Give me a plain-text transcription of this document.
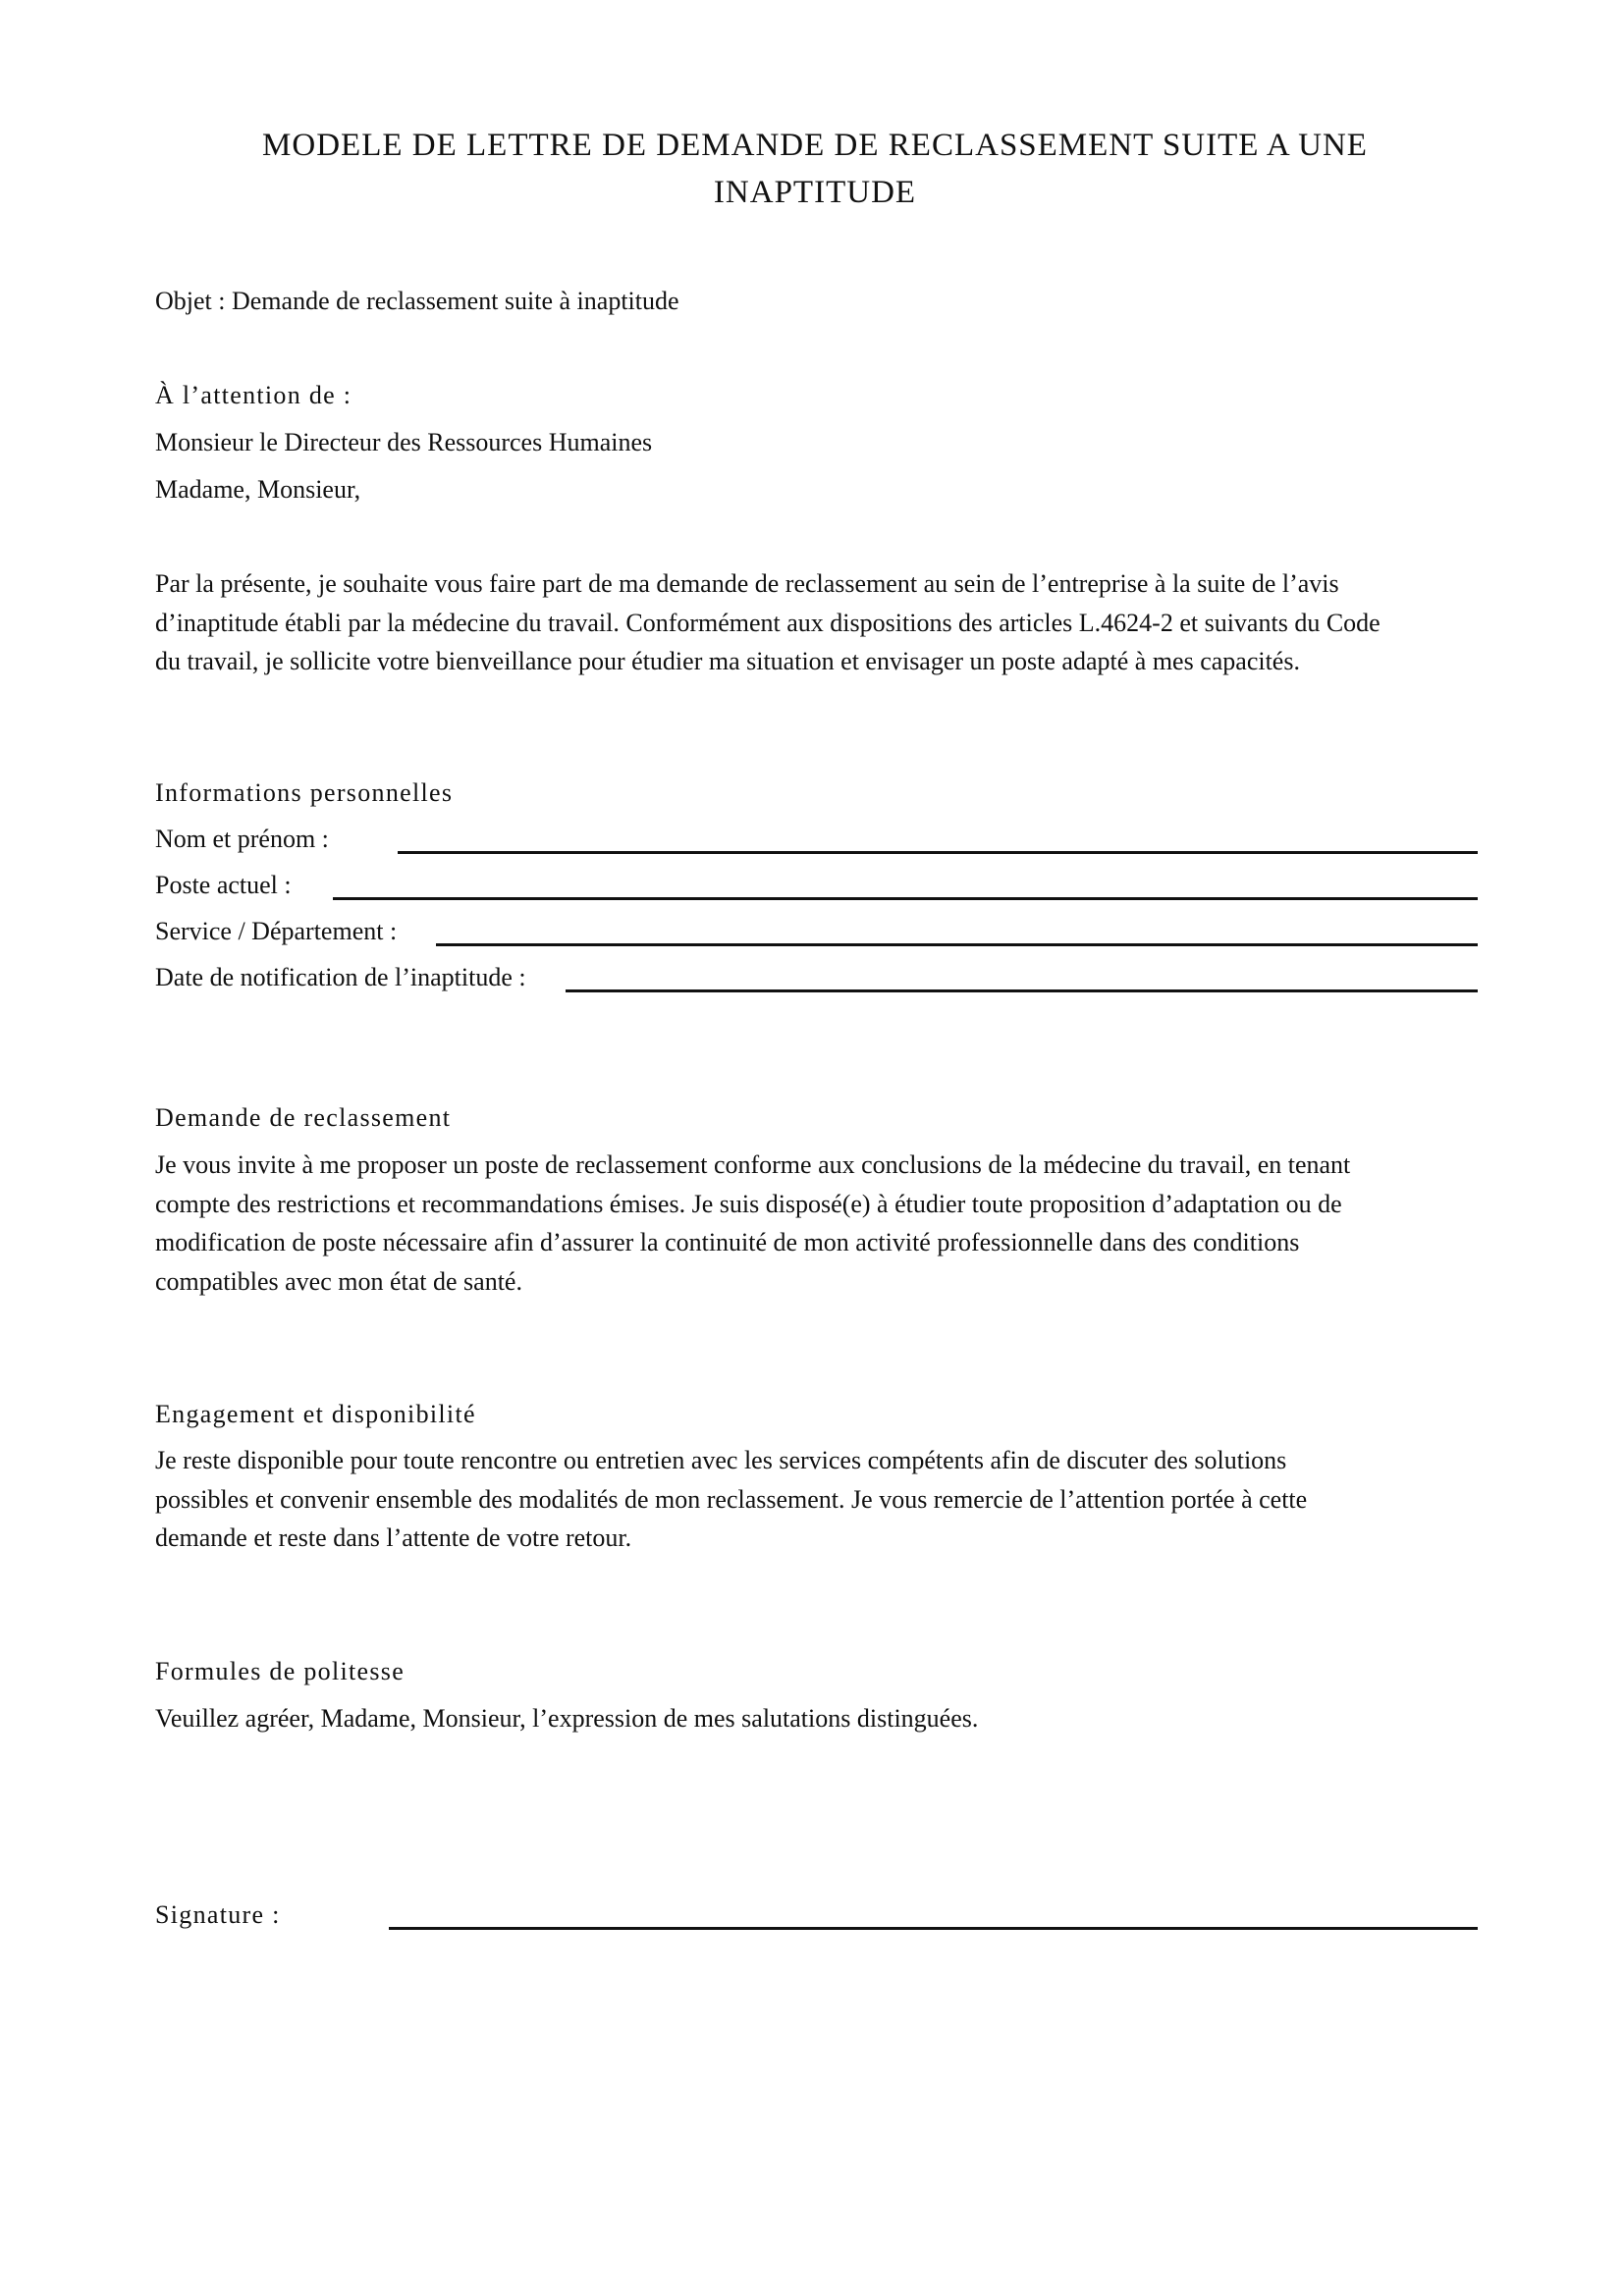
MODELE DE LETTRE DE DEMANDE DE RECLASSEMENT SUITE A UNE
INAPTITUDE
Objet : Demande de reclassement suite à inaptitude
À l’attention de :
Monsieur le Directeur des Ressources Humaines
Madame, Monsieur,
Par la présente, je souhaite vous faire part de ma demande de reclassement au sein de l’entreprise à la suite de l’avis
d’inaptitude établi par la médecine du travail. Conformément aux dispositions des articles L.4624-2 et suivants du Code
du travail, je sollicite votre bienveillance pour étudier ma situation et envisager un poste adapté à mes capacités.
Informations personnelles
Nom et prénom :
Poste actuel :
Service / Département :
Date de notification de l’inaptitude :
Demande de reclassement
Je vous invite à me proposer un poste de reclassement conforme aux conclusions de la médecine du travail, en tenant
compte des restrictions et recommandations émises. Je suis disposé(e) à étudier toute proposition d’adaptation ou de
modification de poste nécessaire afin d’assurer la continuité de mon activité professionnelle dans des conditions
compatibles avec mon état de santé.
Engagement et disponibilité
Je reste disponible pour toute rencontre ou entretien avec les services compétents afin de discuter des solutions
possibles et convenir ensemble des modalités de mon reclassement. Je vous remercie de l’attention portée à cette
demande et reste dans l’attente de votre retour.
Formules de politesse
Veuillez agréer, Madame, Monsieur, l’expression de mes salutations distinguées.
Signature :
